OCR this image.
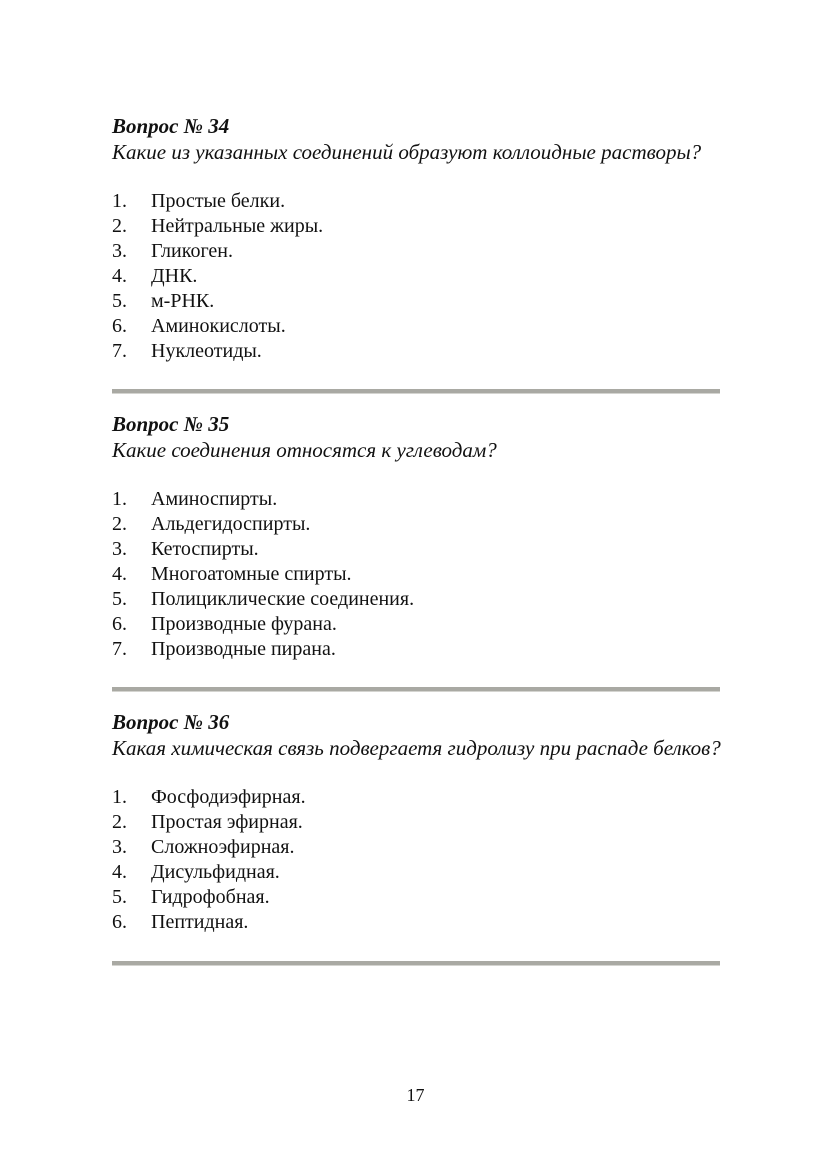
Вопрос № 34

Какие из указанных соединений образуют коллоидные растворы?

1.	Простые белки.
2.	Нейтральные жиры.
3.	Гликоген.
4.	ДНК.
5.	м-РНК.
6.	Аминокислоты.
7.	Нуклеотиды.

Вопрос № 35

Какие соединения относятся к углеводам?

1.	Аминоспирты.
2.	Альдегидоспирты.
3.	Кетоспирты.
4.	Многоатомные спирты.
5.	Полициклические соединения.
6.	Производные фурана.
7.	Производные пирана.

Вопрос № 36

Какая химическая связь подвергаетя гидролизу при распаде белков?

1.	Фосфодиэфирная.
2.	Простая эфирная.
3.	Сложноэфирная.
4.	Дисульфидная.
5.	Гидрофобная.
6.	Пептидная.
17
